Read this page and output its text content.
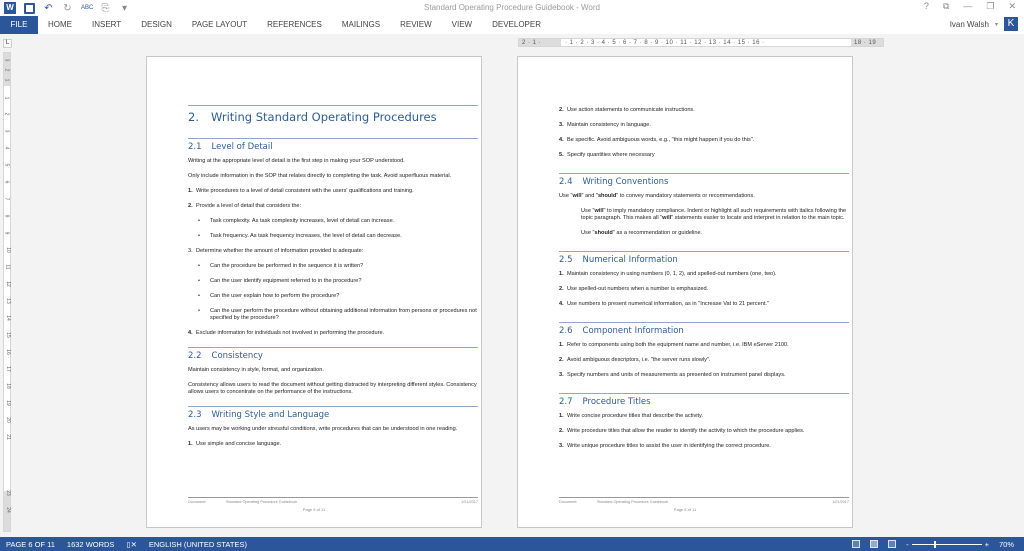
W	↶ ↻ ABC ⎘ ▾	Standard Operating Procedure Guidebook - Word	? ⧉ — ❐ ✕
FILE	HOME	INSERT	DESIGN	PAGE LAYOUT	REFERENCES	MAILINGS	REVIEW	VIEW	DEVELOPER	Ivan Walsh ▾ K
L	2 · 1 ·	· 1 · 2 · 3 · 4 · 5 · 6 · 7 · 8 · 9 · 10 · 11 · 12 · 13 · 14 · 15 · 16 ·	18 · 19
3
2
1
1
2
3
4
5
6
7
8
9
10
11
12
13
14
15
16
17
18
19
20
21
23
24
2. Writing Standard Operating Procedures
2.1 Level of Detail
Writing at the appropriate level of detail is the first step in making your SOP understood.
Only include information in the SOP that relates directly to completing the task. Avoid superfluous material.
1. Write procedures to a level of detail consistent with the users' qualifications and training.
2. Provide a level of detail that considers the:
•	Task complexity. As task complexity increases, level of detail can increase.
•	Task frequency. As task frequency increases, the level of detail can decrease.
3. Determine whether the amount of information provided is adequate:
•	Can the procedure be performed in the sequence it is written?
•	Can the user identify equipment referred to in the procedure?
•	Can the user explain how to perform the procedure?
•	Can the user perform the procedure without obtaining additional information from persons or procedures not specified by the procedure?
4. Exclude information for individuals not involved in performing the procedure.
2.2 Consistency
Maintain consistency in style, format, and organization.
Consistency allows users to read the document without getting distracted by interpreting different styles. Consistency allows users to concentrate on the performance of the instructions.
2.3 Writing Style and Language
As users may be working under stressful conditions, write procedures that can be understood in one reading.
1. Use simple and concise language.
Document:	Standard Operating Procedure Guidebook	1/21/2017
Page 5 of 11
2. Use action statements to communicate instructions.
3. Maintain consistency in language.
4. Be specific. Avoid ambiguous words, e.g., "this might happen if you do this".
5. Specify quantities where necessary
2.4 Writing Conventions
Use "will" and "should" to convey mandatory statements or recommendations.
Use "will" to imply mandatory compliance. Indent or highlight all such requirements with italics following the topic paragraph. This makes all "will" statements easier to locate and interpret in relation to the main topic.
Use "should" as a recommendation or guideline.
2.5 Numerical Information
1. Maintain consistency in using numbers (0, 1, 2), and spelled-out numbers (one, two).
2. Use spelled-out numbers when a number is emphasized.
4. Use numbers to present numerical information, as in "Increase Vat to 21 percent."
2.6 Component Information
1. Refer to components using both the equipment name and number, i.e. IBM eServer 2100.
2. Avoid ambiguous descriptors, i.e. "the server runs slowly".
3. Specify numbers and units of measurements as presented on instrument panel displays.
2.7 Procedure Titles
1. Write concise procedure titles that describe the activity.
2. Write procedure titles that allow the reader to identify the activity to which the procedure applies.
3. Write unique procedure titles to assist the user in identifying the correct procedure.
Document:	Standard Operating Procedure Guidebook	1/21/2017
Page 6 of 11
PAGE 6 OF 11	1632 WORDS	▯✕	ENGLISH (UNITED STATES)	-	+ 70%
